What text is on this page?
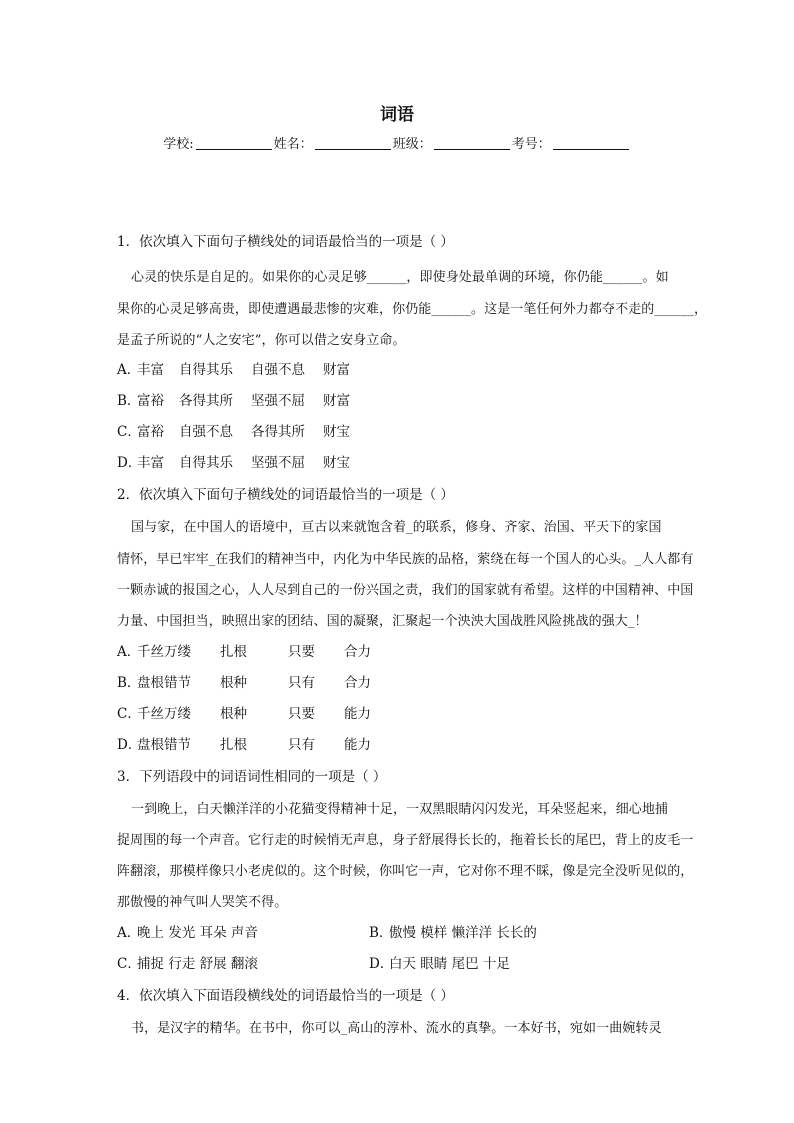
词语
学校:	姓名：	班级：	考号：
1．依次填入下面句子横线处的词语最恰当的一项是（ ）
心灵的快乐是自足的。如果你的心灵足够______，即使身处最单调的环境，你仍能______。如
果你的心灵足够高贵，即使遭遇最悲惨的灾难，你仍能______。这是一笔任何外力都夺不走的______，
是孟子所说的“人之安宅”，你可以借之安身立命。
A．丰富 自得其乐 自强不息 财富
B．富裕 各得其所 坚强不屈 财富
C．富裕 自强不息 各得其所 财宝
D．丰富 自得其乐 坚强不屈 财宝
2．依次填入下面句子横线处的词语最恰当的一项是（ ）
国与家，在中国人的语境中，亘古以来就饱含着_的联系，修身、齐家、治国、平天下的家国
情怀，早已牢牢_在我们的精神当中，内化为中华民族的品格，萦绕在每一个国人的心头。_人人都有
一颗赤诚的报国之心，人人尽到自己的一份兴国之责，我们的国家就有希望。这样的中国精神、中国
力量、中国担当，映照出家的团结、国的凝聚，汇聚起一个泱泱大国战胜风险挑战的强大_！
A．千丝万缕 扎根	只要 合力
B．盘根错节 根种	只有 合力
C．千丝万缕 根种	只要 能力
D．盘根错节 扎根	只有 能力
3．下列语段中的词语词性相同的一项是（ ）
一到晚上，白天懒洋洋的小花猫变得精神十足，一双黑眼睛闪闪发光，耳朵竖起来，细心地捕
捉周围的每一个声音。它行走的时候悄无声息，身子舒展得长长的，拖着长长的尾巴，背上的皮毛一
阵翻滚，那模样像只小老虎似的。这个时候，你叫它一声，它对你不理不睬，像是完全没听见似的，
那傲慢的神气叫人哭笑不得。
A．晚上 发光 耳朵 声音	B．傲慢 模样 懒洋洋 长长的
C．捕捉 行走 舒展 翻滚	D．白天 眼睛 尾巴 十足
4．依次填入下面语段横线处的词语最恰当的一项是（ ）
书，是汉字的精华。在书中，你可以_高山的淳朴、流水的真挚。一本好书，宛如一曲婉转灵
